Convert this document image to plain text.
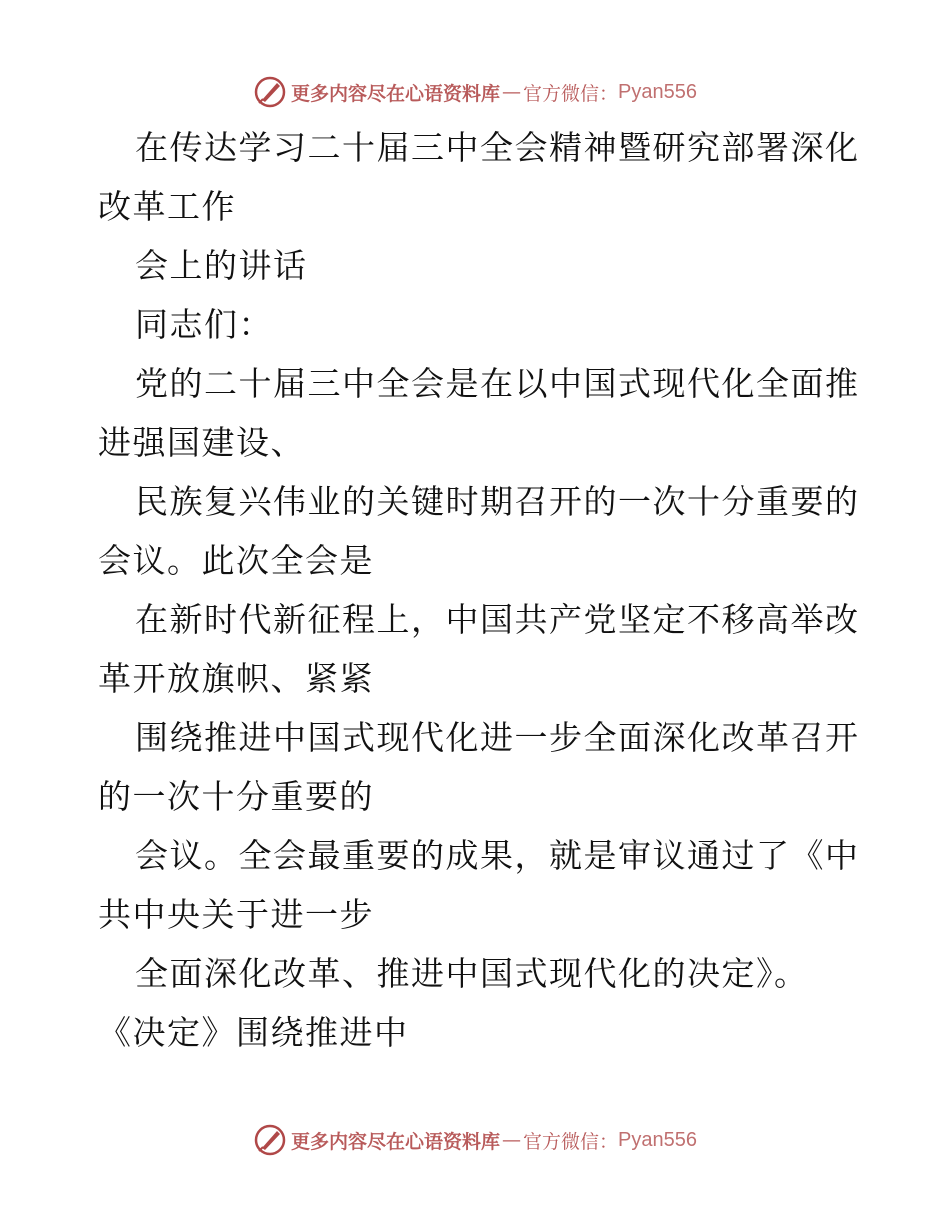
更多内容尽在心语资料库 — 官方微信： Pyan556
在传达学习二十届三中全会精神暨研究部署深化
改革工作
会上的讲话
同志们：
党的二十届三中全会是在以中国式现代化全面推
进强国建设、
民族复兴伟业的关键时期召开的一次十分重要的
会议。此次全会是
在新时代新征程上，中国共产党坚定不移高举改
革开放旗帜、紧紧
围绕推进中国式现代化进一步全面深化改革召开
的一次十分重要的
会议。全会最重要的成果，就是审议通过了《中
共中央关于进一步
全面深化改革、推进中国式现代化的决定》。
《决定》围绕推进中
更多内容尽在心语资料库 — 官方微信： Pyan556
